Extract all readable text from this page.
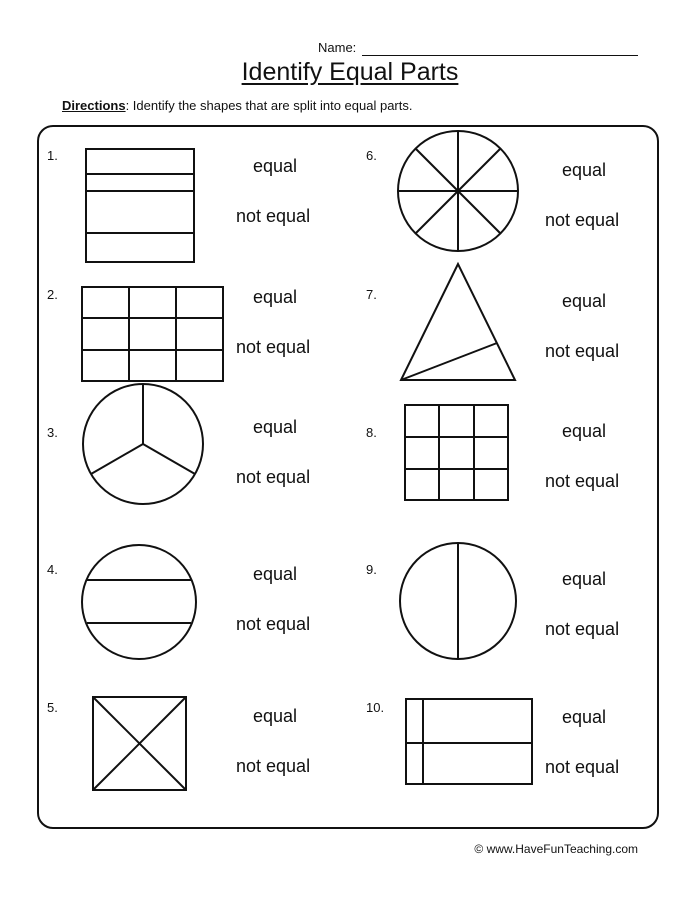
Name:
Identify Equal Parts
Directions: Identify the shapes that are split into equal parts.
1.
2.
3.
4.
5.
6.
7.
8.
9.
10.
equal
not equal
equal
not equal
equal
not equal
equal
not equal
equal
not equal
equal
not equal
equal
not equal
equal
not equal
equal
not equal
equal
not equal
© www.HaveFunTeaching.com
